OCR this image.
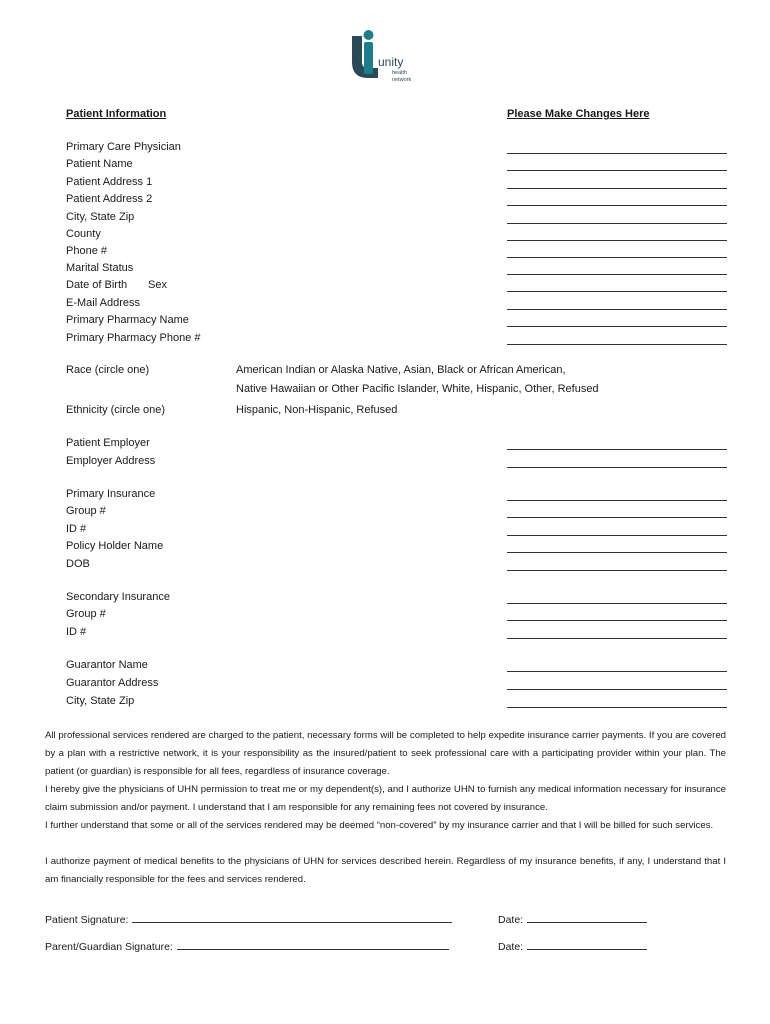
unity
health
network
Patient Information	Please Make Changes Here
Primary Care Physician
Patient Name
Patient Address 1
Patient Address 2
City, State Zip
County
Phone #
Marital Status
Date of Birth Sex
E-Mail Address
Primary Pharmacy Name
Primary Pharmacy Phone #
Race (circle one)	American Indian or Alaska Native, Asian, Black or African American,
Native Hawaiian or Other Pacific Islander, White, Hispanic, Other, Refused
Ethnicity (circle one)	Hispanic, Non-Hispanic, Refused
Patient Employer
Employer Address
Primary Insurance
Group #
ID #
Policy Holder Name
DOB
Secondary Insurance
Group #
ID #
Guarantor Name
Guarantor Address
City, State Zip
All professional services rendered are charged to the patient, necessary forms will be completed to help expedite insurance carrier payments. If you are covered by a plan with a restrictive network, it is your responsibility as the insured/patient to seek professional care with a participating provider within your plan. The patient (or guardian) is responsible for all fees, regardless of insurance coverage.
I hereby give the physicians of UHN permission to treat me or my dependent(s), and I authorize UHN to furnish any medical information necessary for insurance claim submission and/or payment. I understand that I am responsible for any remaining fees not covered by insurance.
I further understand that some or all of the services rendered may be deemed “non-covered” by my insurance carrier and that I will be billed for such services.
I authorize payment of medical benefits to the physicians of UHN for services described herein. Regardless of my insurance benefits, if any, I understand that I am financially responsible for the fees and services rendered.
Patient Signature:	Date:
Parent/Guardian Signature:	Date:
